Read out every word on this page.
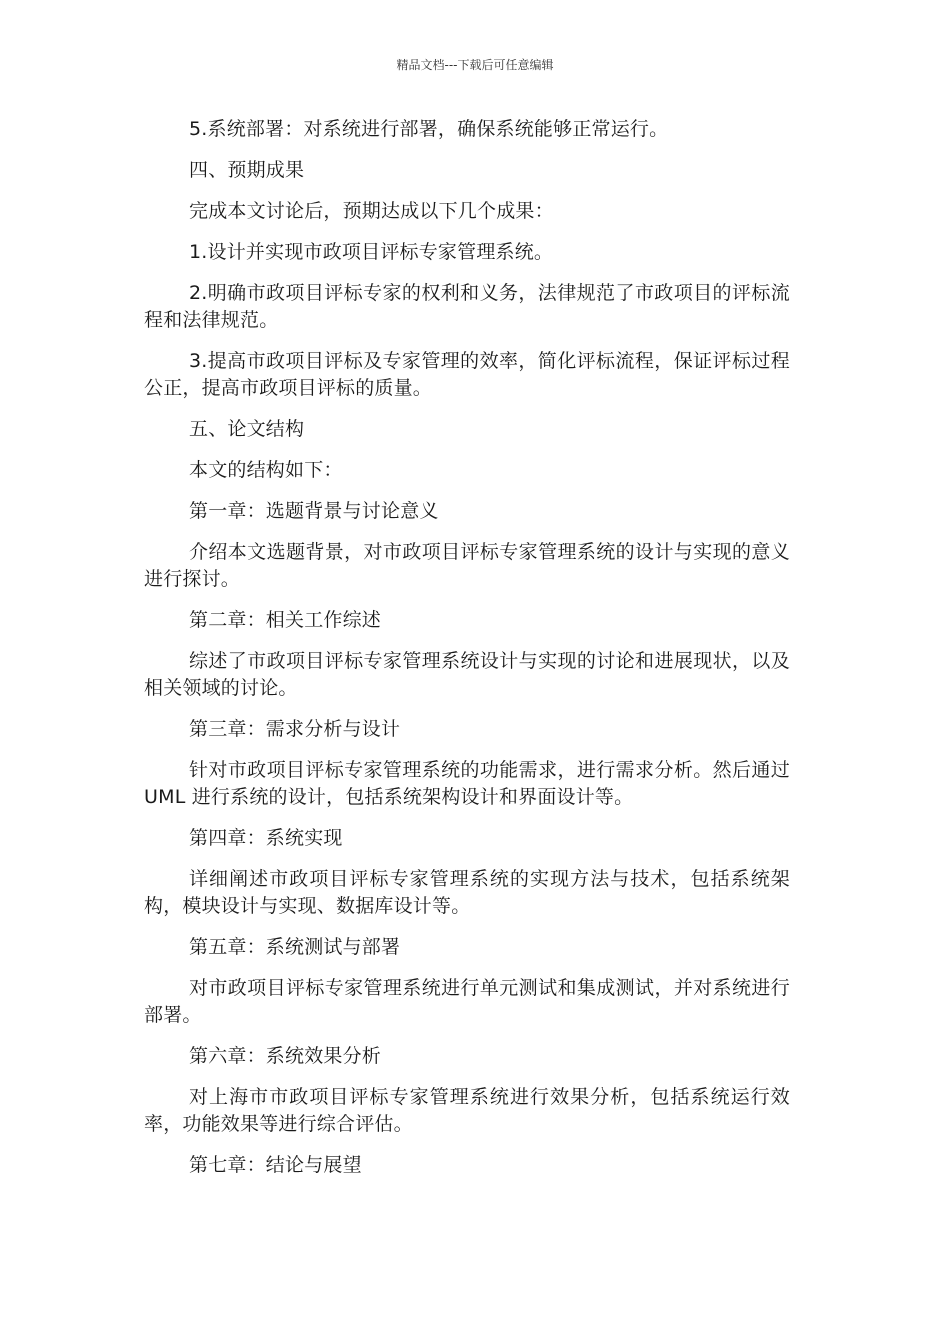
精品文档---下载后可任意编辑

5.系统部署：对系统进行部署，确保系统能够正常运行。

四、预期成果

完成本文讨论后，预期达成以下几个成果：

1.设计并实现市政项目评标专家管理系统。

2.明确市政项目评标专家的权利和义务，法律规范了市政项目的评标流程和法律规范。

3.提高市政项目评标及专家管理的效率，简化评标流程，保证评标过程公正，提高市政项目评标的质量。

五、论文结构

本文的结构如下：

第一章：选题背景与讨论意义

介绍本文选题背景，对市政项目评标专家管理系统的设计与实现的意义进行探讨。

第二章：相关工作综述

综述了市政项目评标专家管理系统设计与实现的讨论和进展现状，以及相关领域的讨论。

第三章：需求分析与设计

针对市政项目评标专家管理系统的功能需求，进行需求分析。然后通过 UML 进行系统的设计，包括系统架构设计和界面设计等。

第四章：系统实现

详细阐述市政项目评标专家管理系统的实现方法与技术，包括系统架构，模块设计与实现、数据库设计等。

第五章：系统测试与部署

对市政项目评标专家管理系统进行单元测试和集成测试，并对系统进行部署。

第六章：系统效果分析

对上海市市政项目评标专家管理系统进行效果分析，包括系统运行效率，功能效果等进行综合评估。

第七章：结论与展望
